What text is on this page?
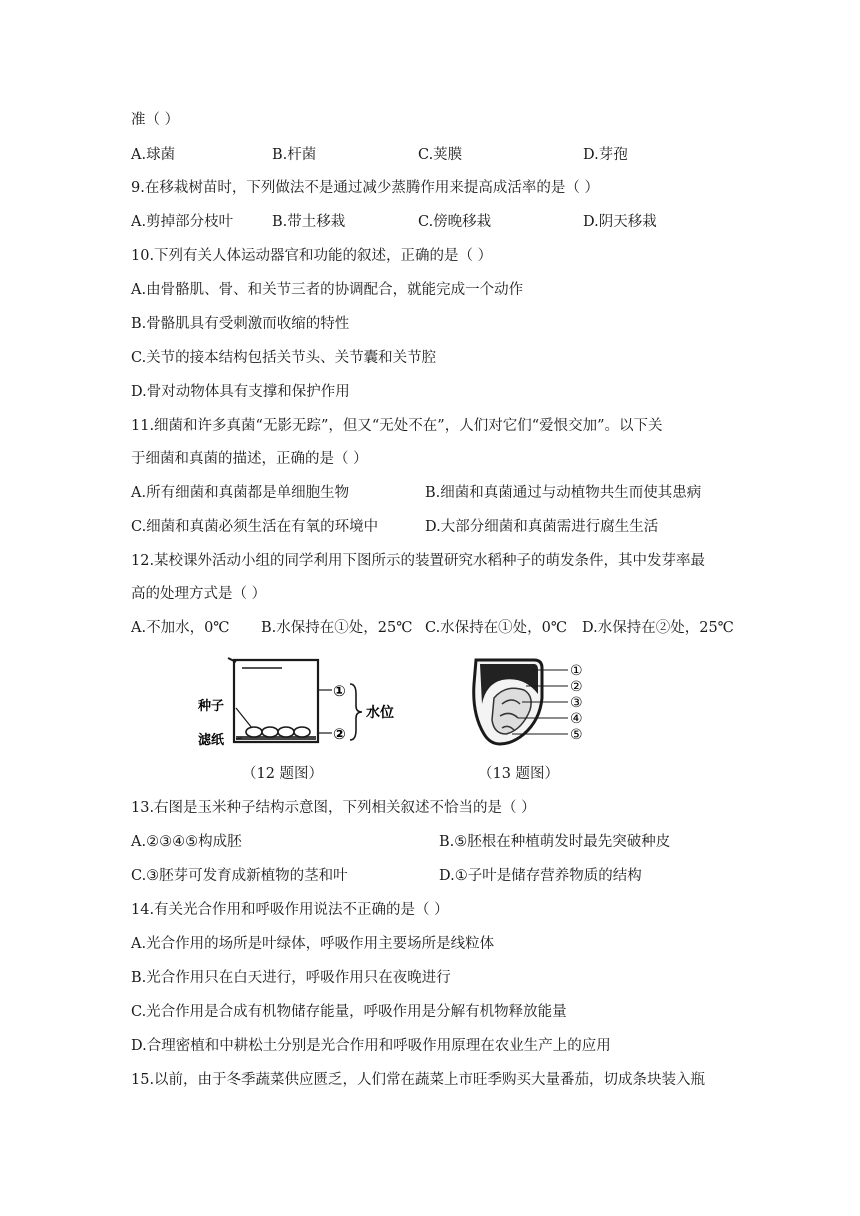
准（ ）
A.球菌	B.杆菌	C.荚膜	D.芽孢
9.在移栽树苗时，下列做法不是通过减少蒸腾作用来提高成活率的是（ ）
A.剪掉部分枝叶	B.带土移栽	C.傍晚移栽	D.阴天移栽
10.下列有关人体运动器官和功能的叙述，正确的是（ ）
A.由骨骼肌、骨、和关节三者的协调配合，就能完成一个动作
B.骨骼肌具有受刺激而收缩的特性
C.关节的接本结构包括关节头、关节囊和关节腔
D.骨对动物体具有支撑和保护作用
11.细菌和许多真菌“无影无踪”，但又“无处不在”，人们对它们“爱恨交加”。以下关
于细菌和真菌的描述，正确的是（ ）
A.所有细菌和真菌都是单细胞生物	B.细菌和真菌通过与动植物共生而使其患病
C.细菌和真菌必须生活在有氧的环境中	D.大部分细菌和真菌需进行腐生生活
12.某校课外活动小组的同学利用下图所示的装置研究水稻种子的萌发条件，其中发芽率最
高的处理方式是（ ）
A.不加水，0℃ B.水保持在①处，25℃ C.水保持在①处，0℃ D.水保持在②处，25℃
种子
滤纸
①
②
水位
（12 题图）
①
②
③
④
⑤
（13 题图）
13.右图是玉米种子结构示意图，下列相关叙述不恰当的是（ ）
A.②③④⑤构成胚	B.⑤胚根在种植萌发时最先突破种皮
C.③胚芽可发育成新植物的茎和叶	D.①子叶是储存营养物质的结构
14.有关光合作用和呼吸作用说法不正确的是（ ）
A.光合作用的场所是叶绿体，呼吸作用主要场所是线粒体
B.光合作用只在白天进行，呼吸作用只在夜晚进行
C.光合作用是合成有机物储存能量，呼吸作用是分解有机物释放能量
D.合理密植和中耕松土分别是光合作用和呼吸作用原理在农业生产上的应用
15.以前，由于冬季蔬菜供应匮乏，人们常在蔬菜上市旺季购买大量番茄，切成条块装入瓶
